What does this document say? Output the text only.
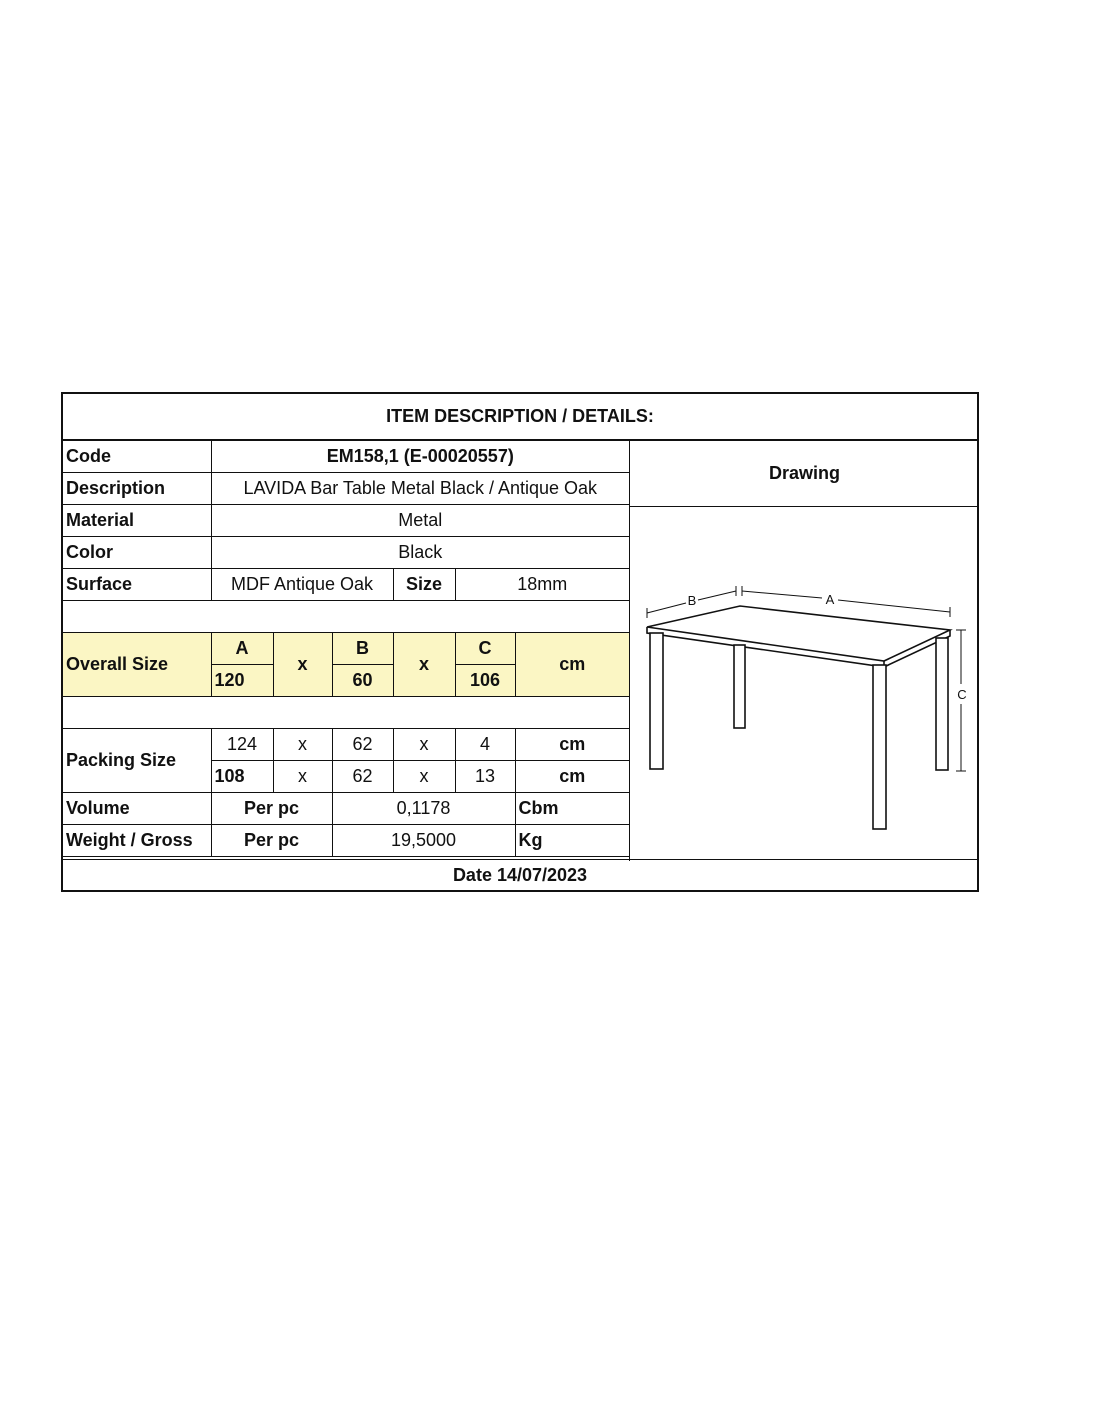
ITEM DESCRIPTION / DETAILS:
Code	EM158,1 (E-00020557)					
Description	LAVIDA Bar Table Metal Black / Antique Oak					
Material	Metal					
Color	Black					
Surface	MDF Antique Oak			Size	18mm	

Overall Size	A	x	B	x	C	cm
	120		60		106	

Packing Size	124	x	62	x	4	cm
	108	x	62	x	13	cm
Volume	Per pc		0,1178			Cbm
Weight / Gross	Per pc		19,5000			Kg
Drawing
B	A
C
Date 14/07/2023
